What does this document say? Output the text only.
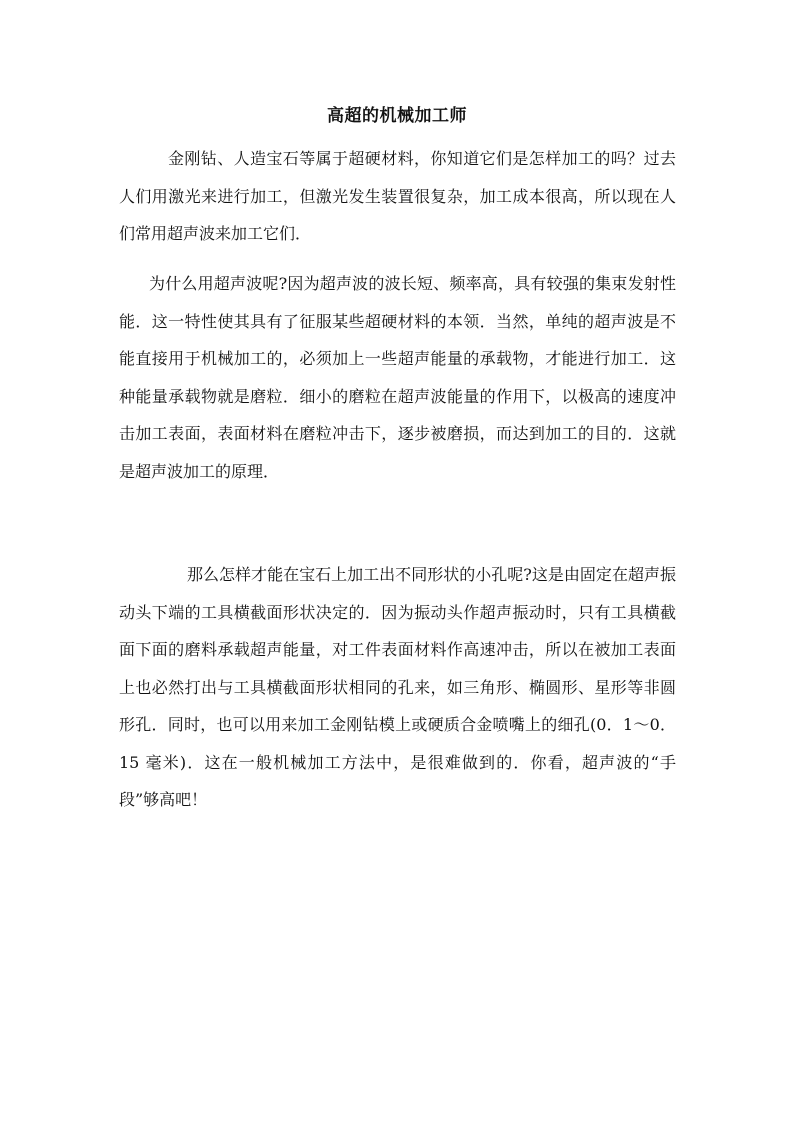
高超的机械加工师

金刚钻、人造宝石等属于超硬材料，你知道它们是怎样加工的吗？过去人们用激光来进行加工，但激光发生装置很复杂，加工成本很高，所以现在人们常用超声波来加工它们．

为什么用超声波呢?因为超声波的波长短、频率高，具有较强的集束发射性能．这一特性使其具有了征服某些超硬材料的本领．当然，单纯的超声波是不能直接用于机械加工的，必须加上一些超声能量的承载物，才能进行加工．这种能量承载物就是磨粒．细小的磨粒在超声波能量的作用下，以极高的速度冲击加工表面，表面材料在磨粒冲击下，逐步被磨损，而达到加工的目的．这就是超声波加工的原理．

那么怎样才能在宝石上加工出不同形状的小孔呢?这是由固定在超声振动头下端的工具横截面形状决定的．因为振动头作超声振动时，只有工具横截面下面的磨料承载超声能量，对工件表面材料作高速冲击，所以在被加工表面上也必然打出与工具横截面形状相同的孔来，如三角形、椭圆形、星形等非圆形孔．同时，也可以用来加工金刚钻模上或硬质合金喷嘴上的细孔(0．1～0．15 毫米)．这在一般机械加工方法中，是很难做到的．你看，超声波的“手段”够高吧！
